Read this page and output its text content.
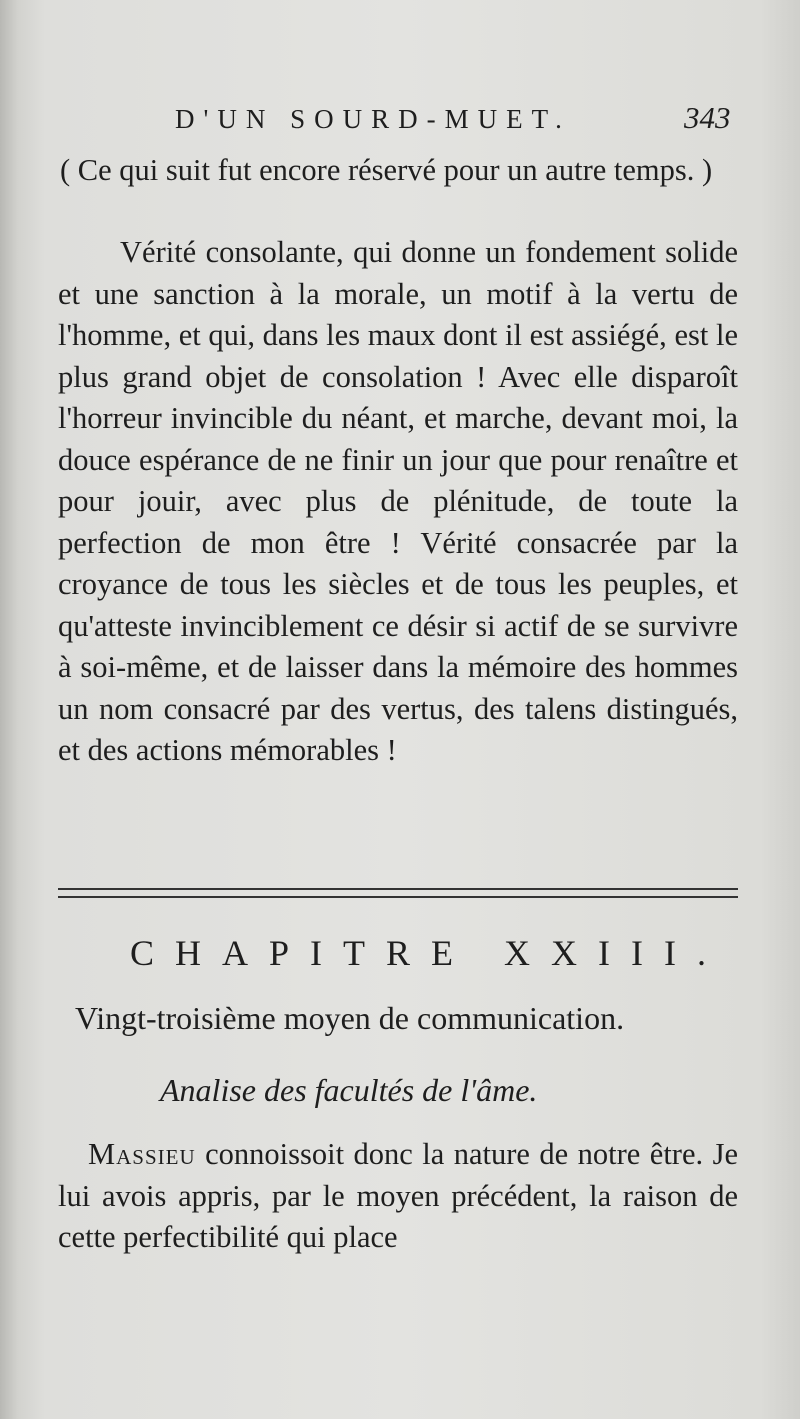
D'UN SOURD-MUET.	343
( Ce qui suit fut encore réservé pour un autre temps. )
Vérité consolante, qui donne un fondement solide et une sanction à la morale, un motif à la vertu de l'homme, et qui, dans les maux dont il est assiégé, est le plus grand objet de consolation ! Avec elle disparoît l'horreur invincible du néant, et marche, devant moi, la douce espérance de ne finir un jour que pour renaître et pour jouir, avec plus de plénitude, de toute la perfection de mon être ! Vérité consacrée par la croyance de tous les siècles et de tous les peuples, et qu'atteste invinciblement ce désir si actif de se survivre à soi-même, et de laisser dans la mémoire des hommes un nom consacré par des vertus, des talens distingués, et des actions mémorables !
CHAPITRE XXIII.
Vingt-troisième moyen de communication.
Analise des facultés de l'âme.
Massieu connoissoit donc la nature de notre être. Je lui avois appris, par le moyen précédent, la raison de cette perfectibilité qui place
